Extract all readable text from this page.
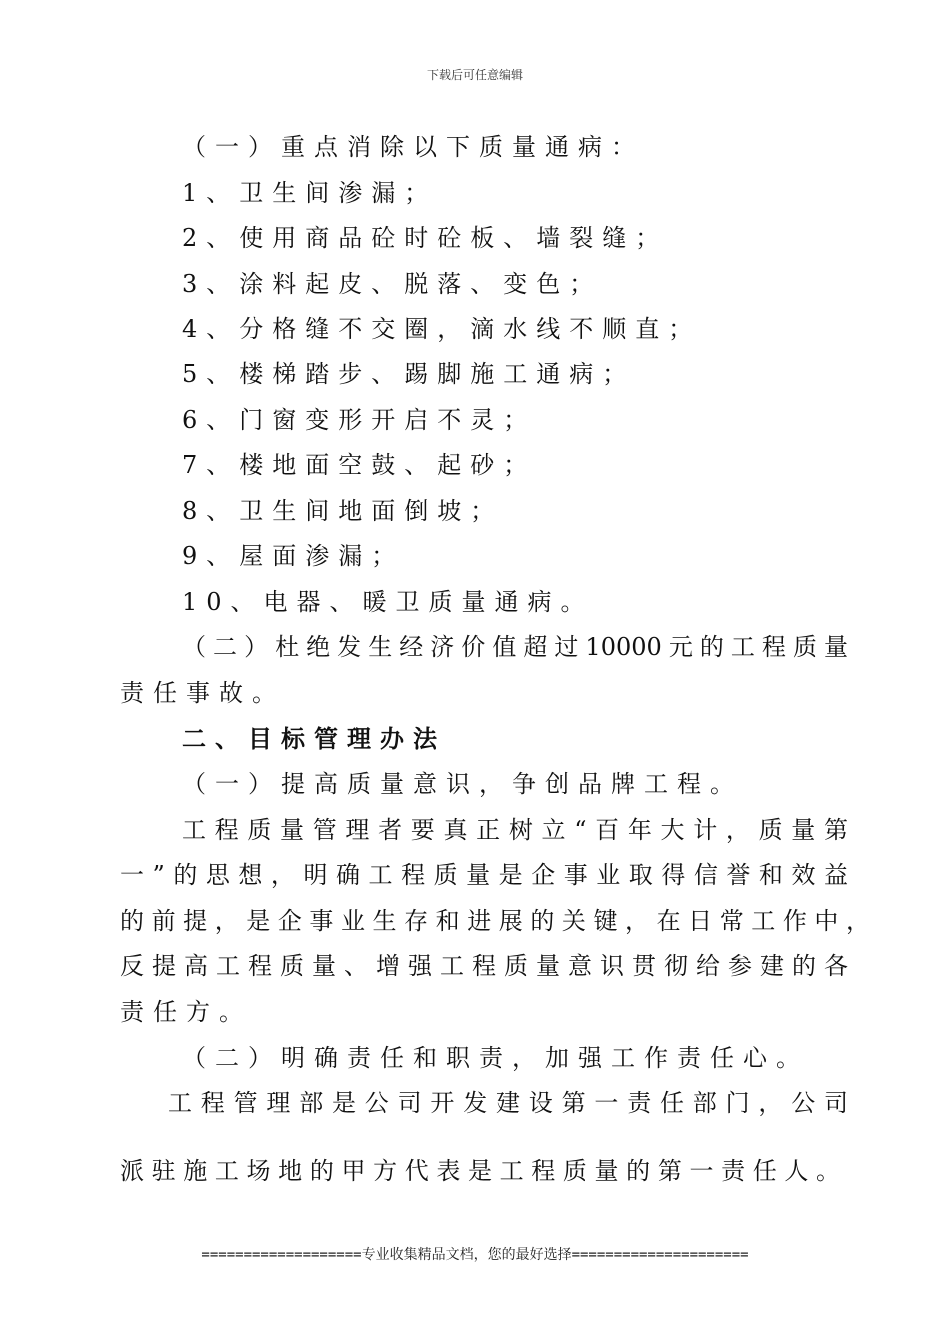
下载后可任意编辑
（一）重点消除以下质量通病：
1、卫生间渗漏；
2、使用商品砼时砼板、墙裂缝；
3、涂料起皮、脱落、变色；
4、分格缝不交圈，滴水线不顺直；
5、楼梯踏步、踢脚施工通病；
6、门窗变形开启不灵；
7、楼地面空鼓、起砂；
8、卫生间地面倒坡；
9、屋面渗漏；
10、电器、暖卫质量通病。
（二）杜绝发生经济价值超过10000元的工程质量
责任事故。
二、目标管理办法
（一）提高质量意识，争创品牌工程。
工程质量管理者要真正树立“百年大计，质量第
一”的思想，明确工程质量是企事业取得信誉和效益
的前提，是企事业生存和进展的关键，在日常工作中，
反提高工程质量、增强工程质量意识贯彻给参建的各
责任方。
（二）明确责任和职责，加强工作责任心。
工程管理部是公司开发建设第一责任部门，公司
派驻施工场地的甲方代表是工程质量的第一责任人。
===================专业收集精品文档，您的最好选择=====================
